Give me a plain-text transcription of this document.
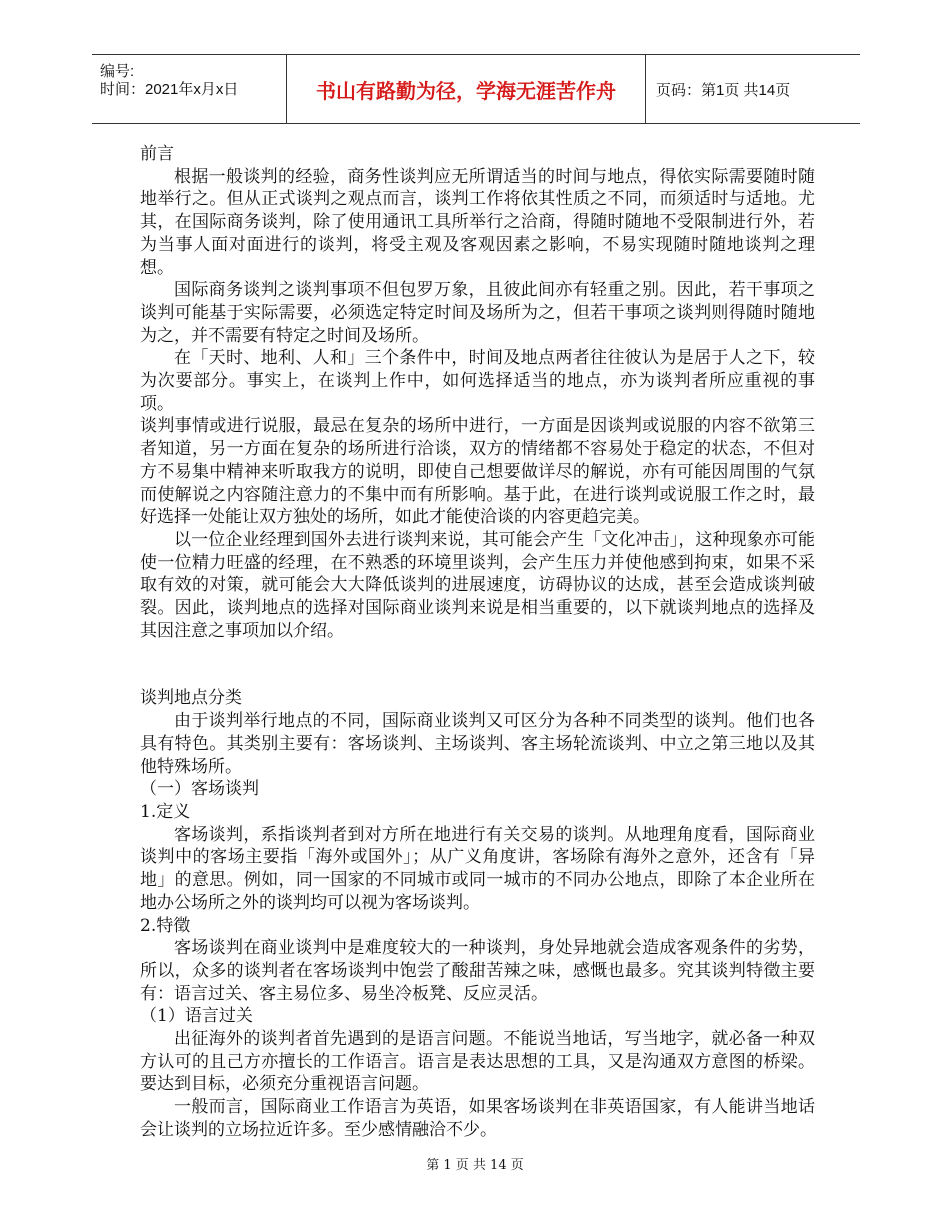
编号:
时间：2021年x月x日	书山有路勤为径，学海无涯苦作舟	页码：第1页 共14页

前言

根据一般谈判的经验，商务性谈判应无所谓适当的时间与地点，得依实际需要随时随地举行之。但从正式谈判之观点而言，谈判工作将依其性质之不同，而须适时与适地。尤其，在国际商务谈判，除了使用通讯工具所举行之洽商，得随时随地不受限制进行外，若为当事人面对面进行的谈判，将受主观及客观因素之影响，不易实现随时随地谈判之理想。

国际商务谈判之谈判事项不但包罗万象，且彼此间亦有轻重之别。因此，若干事项之谈判可能基于实际需要，必须选定特定时间及场所为之，但若干事项之谈判则得随时随地为之，并不需要有特定之时间及场所。

在「天时、地利、人和」三个条件中，时间及地点两者往往彼认为是居于人之下，较为次要部分。事实上，在谈判上作中，如何选择适当的地点，亦为谈判者所应重视的事项。

谈判事情或进行说服，最忌在复杂的场所中进行，一方面是因谈判或说服的内容不欲第三者知道，另一方面在复杂的场所进行洽谈，双方的情绪都不容易处于稳定的状态，不但对方不易集中精神来听取我方的说明，即使自己想要做详尽的解说，亦有可能因周围的气氛而使解说之内容随注意力的不集中而有所影响。基于此，在进行谈判或说服工作之时，最好选择一处能让双方独处的场所，如此才能使洽谈的内容更趋完美。

以一位企业经理到国外去进行谈判来说，其可能会产生「文化冲击」，这种现象亦可能使一位精力旺盛的经理，在不熟悉的环境里谈判，会产生压力并使他感到拘束，如果不采取有效的对策，就可能会大大降低谈判的进展速度，访碍协议的达成，甚至会造成谈判破裂。因此，谈判地点的选择对国际商业谈判来说是相当重要的，以下就谈判地点的选择及其因注意之事项加以介绍。

谈判地点分类

由于谈判举行地点的不同，国际商业谈判又可区分为各种不同类型的谈判。他们也各具有特色。其类别主要有：客场谈判、主场谈判、客主场轮流谈判、中立之第三地以及其他特殊场所。

（一）客场谈判

1.定义

客场谈判，系指谈判者到对方所在地进行有关交易的谈判。从地理角度看，国际商业谈判中的客场主要指「海外或国外」；从广义角度讲，客场除有海外之意外，还含有「异地」的意思。例如，同一国家的不同城市或同一城市的不同办公地点，即除了本企业所在地办公场所之外的谈判均可以视为客场谈判。

2.特徵

客场谈判在商业谈判中是难度较大的一种谈判，身处异地就会造成客观条件的劣势，所以，众多的谈判者在客场谈判中饱尝了酸甜苦辣之味，感慨也最多。究其谈判特徵主要有：语言过关、客主易位多、易坐冷板凳、反应灵活。

（1）语言过关

出征海外的谈判者首先遇到的是语言问题。不能说当地话，写当地字，就必备一种双方认可的且己方亦擅长的工作语言。语言是表达思想的工具，又是沟通双方意图的桥梁。要达到目标，必须充分重视语言问题。

一般而言，国际商业工作语言为英语，如果客场谈判在非英语国家，有人能讲当地话会让谈判的立场拉近许多。至少感情融洽不少。

第 1 页 共 14 页
